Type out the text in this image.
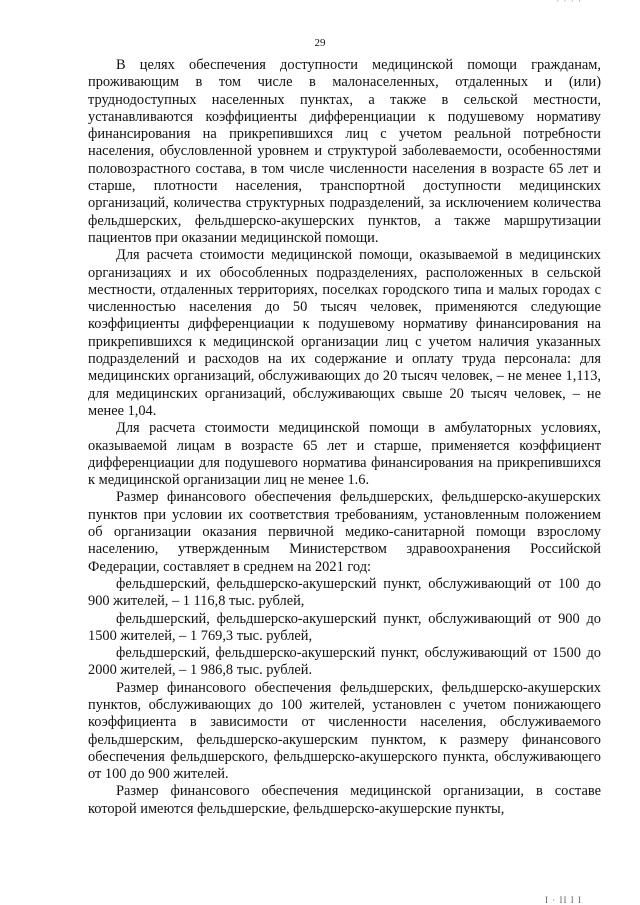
· · · ·
29

В целях обеспечения доступности медицинской помощи гражданам, проживающим в том числе в малонаселенных, отдаленных и (или) труднодоступных населенных пунктах, а также в сельской местности, устанавливаются коэффициенты дифференциации к подушевому нормативу финансирования на прикрепившихся лиц с учетом реальной потребности населения, обусловленной уровнем и структурой заболеваемости, особенностями половозрастного состава, в том числе численности населения в возрасте 65 лет и старше, плотности населения, транспортной доступности медицинских организаций, количества структурных подразделений, за исключением количества фельдшерских, фельдшерско-акушерских пунктов, а также маршрутизации пациентов при оказании медицинской помощи.

Для расчета стоимости медицинской помощи, оказываемой в медицинских организациях и их обособленных подразделениях, расположенных в сельской местности, отдаленных территориях, поселках городского типа и малых городах с численностью населения до 50 тысяч человек, применяются следующие коэффициенты дифференциации к подушевому нормативу финансирования на прикрепившихся к медицинской организации лиц с учетом наличия указанных подразделений и расходов на их содержание и оплату труда персонала: для медицинских организаций, обслуживающих до 20 тысяч человек, – не менее 1,113, для медицинских организаций, обслуживающих свыше 20 тысяч человек, – не менее 1,04.

Для расчета стоимости медицинской помощи в амбулаторных условиях, оказываемой лицам в возрасте 65 лет и старше, применяется коэффициент дифференциации для подушевого норматива финансирования на прикрепившихся к медицинской организации лиц не менее 1.6.

Размер финансового обеспечения фельдшерских, фельдшерско-акушерских пунктов при условии их соответствия требованиям, установленным положением об организации оказания первичной медико-санитарной помощи взрослому населению, утвержденным Министерством здравоохранения Российской Федерации, составляет в среднем на 2021 год:

фельдшерский, фельдшерско-акушерский пункт, обслуживающий от 100 до 900 жителей, – 1 116,8 тыс. рублей,

фельдшерский, фельдшерско-акушерский пункт, обслуживающий от 900 до 1500 жителей, – 1 769,3 тыс. рублей,

фельдшерский, фельдшерско-акушерский пункт, обслуживающий от 1500 до 2000 жителей, – 1 986,8 тыс. рублей.

Размер финансового обеспечения фельдшерских, фельдшерско-акушерских пунктов, обслуживающих до 100 жителей, установлен с учетом понижающего коэффициента в зависимости от численности населения, обслуживаемого фельдшерским, фельдшерско-акушерским пунктом, к размеру финансового обеспечения фельдшерского, фельдшерско-акушерского пункта, обслуживающего от 100 до 900 жителей.

Размер финансового обеспечения медицинской организации, в составе которой имеются фельдшерские, фельдшерско-акушерские пункты,

I · II I I
